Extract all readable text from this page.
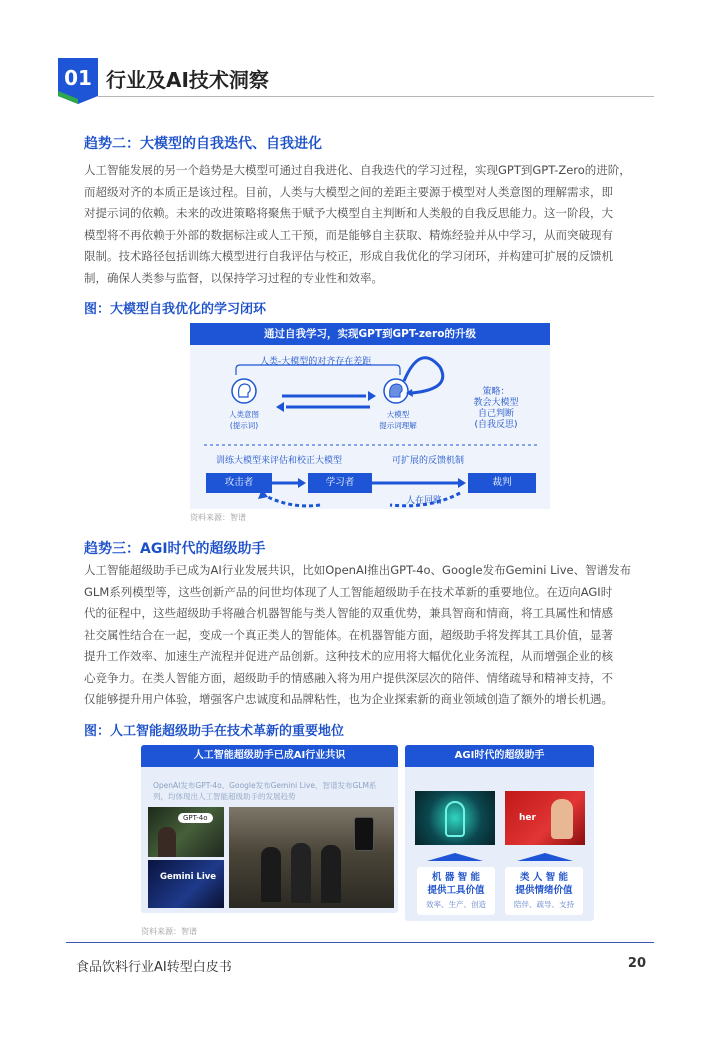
01 行业及AI技术洞察
趋势二：大模型的自我迭代、自我进化
人工智能发展的另一个趋势是大模型可通过自我进化、自我迭代的学习过程，实现GPT到GPT-Zero的进阶，
而超级对齐的本质正是该过程。目前，人类与大模型之间的差距主要源于模型对人类意图的理解需求，即
对提示词的依赖。未来的改进策略将聚焦于赋予大模型自主判断和人类般的自我反思能力。这一阶段，大
模型将不再依赖于外部的数据标注或人工干预，而是能够自主获取、精炼经验并从中学习，从而突破现有
限制。技术路径包括训练大模型进行自我评估与校正，形成自我优化的学习闭环，并构建可扩展的反馈机
制，确保人类参与监督，以保持学习过程的专业性和效率。
图：大模型自我优化的学习闭环
通过自我学习，实现GPT到GPT-zero的升级
人类-大模型的对齐存在差距
人类意图
(提示词)
大模型
提示词理解
策略：
教会大模型
自己判断
(自我反思)
训练大模型来评估和校正大模型	可扩展的反馈机制
攻击者	学习者	裁判
人在回路
资料来源：智谱
趋势三：AGI时代的超级助手
人工智能超级助手已成为AI行业发展共识，比如OpenAI推出GPT-4o、Google发布Gemini Live、智谱发布
GLM系列模型等，这些创新产品的问世均体现了人工智能超级助手在技术革新的重要地位。在迈向AGI时
代的征程中，这些超级助手将融合机器智能与类人智能的双重优势，兼具智商和情商，将工具属性和情感
社交属性结合在一起，变成一个真正类人的智能体。在机器智能方面，超级助手将发挥其工具价值，显著
提升工作效率、加速生产流程并促进产品创新。这种技术的应用将大幅优化业务流程，从而增强企业的核
心竞争力。在类人智能方面，超级助手的情感融入将为用户提供深层次的陪伴、情绪疏导和精神支持，不
仅能够提升用户体验，增强客户忠诚度和品牌粘性，也为企业探索新的商业领域创造了额外的增长机遇。
图：人工智能超级助手在技术革新的重要地位
人工智能超级助手已成AI行业共识
OpenAI发布GPT-4o、Google发布Gemini Live、智谱发布GLM系列，均体现出人工智能超级助手的发展趋势
GPT-4o
Gemini Live
AGI时代的超级助手
her
机 器 智 能
提供工具价值
效率、生产、创造
类 人 智 能
提供情绪价值
陪伴、疏导、支持
资料来源：智谱
食品饮料行业AI转型白皮书	20
